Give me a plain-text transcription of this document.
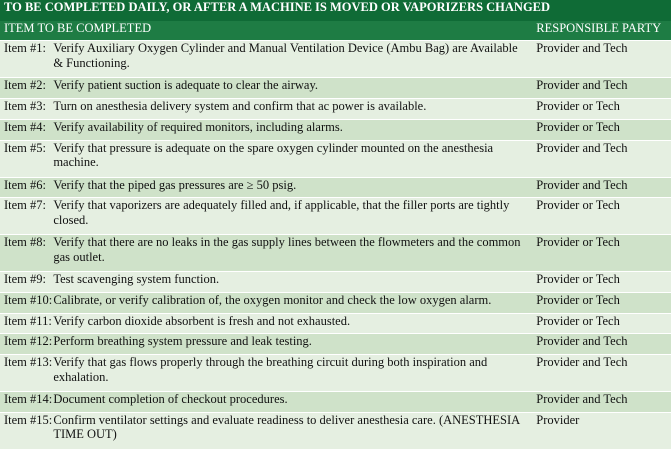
TO BE COMPLETED DAILY, OR AFTER A MACHINE IS MOVED OR VAPORIZERS CHANGED		
ITEM TO BE COMPLETED		RESPONSIBLE PARTY
Item #1:	Verify Auxiliary Oxygen Cylinder and Manual Ventilation Device (Ambu Bag) are Available & Functioning.	Provider and Tech
Item #2:	Verify patient suction is adequate to clear the airway.	Provider and Tech
Item #3:	Turn on anesthesia delivery system and confirm that ac power is available.	Provider or Tech
Item #4:	Verify availability of required monitors, including alarms.	Provider or Tech
Item #5:	Verify that pressure is adequate on the spare oxygen cylinder mounted on the anesthesia machine.	Provider and Tech
Item #6:	Verify that the piped gas pressures are ≥ 50 psig.	Provider and Tech
Item #7:	Verify that vaporizers are adequately filled and, if applicable, that the filler ports are tightly closed.	Provider or Tech
Item #8:	Verify that there are no leaks in the gas supply lines between the flowmeters and the common gas outlet.	Provider or Tech
Item #9:	Test scavenging system function.	Provider or Tech
Item #10:	Calibrate, or verify calibration of, the oxygen monitor and check the low oxygen alarm.	Provider or Tech
Item #11:	Verify carbon dioxide absorbent is fresh and not exhausted.	Provider or Tech
Item #12:	Perform breathing system pressure and leak testing.	Provider and Tech
Item #13:	Verify that gas flows properly through the breathing circuit during both inspiration and exhalation.	Provider and Tech
Item #14:	Document completion of checkout procedures.	Provider and Tech
Item #15:	Confirm ventilator settings and evaluate readiness to deliver anesthesia care. (ANESTHESIA TIME OUT)	Provider
